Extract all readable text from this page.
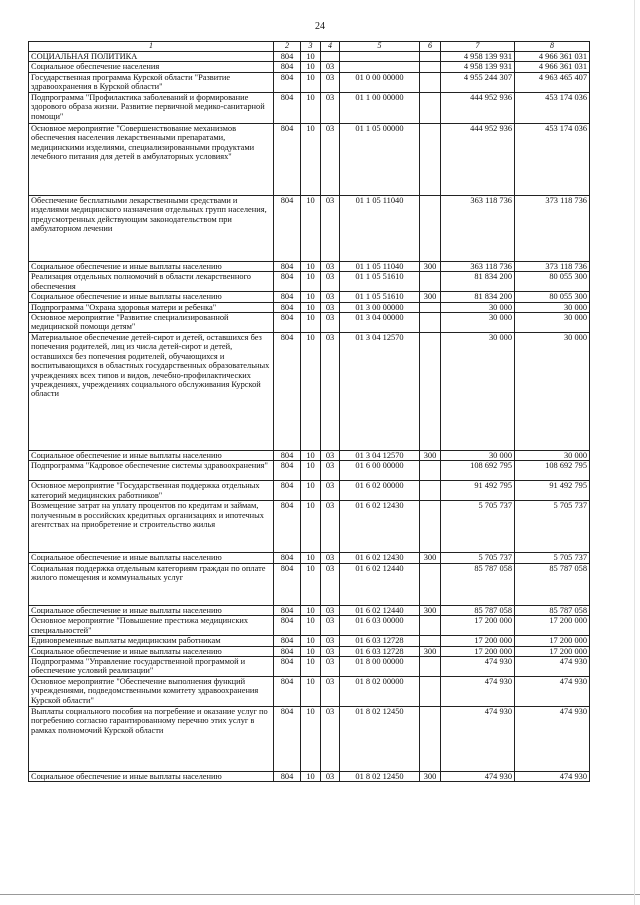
24
1	2	3	4	5	6	7	8
СОЦИАЛЬНАЯ ПОЛИТИКА	804	10				4 958 139 931	4 966 361 031
Социальное обеспечение населения	804	10	03			4 958 139 931	4 966 361 031
Государственная программа Курской области "Развитие здравоохранения в Курской области"	804	10	03	01 0 00 00000		4 955 244 307	4 963 465 407
Подпрограмма "Профилактика заболеваний и формирование здорового образа жизни. Развитие первичной медико-санитарной помощи"	804	10	03	01 1 00 00000		444 952 936	453 174 036
Основное мероприятие "Совершенствование механизмов обеспечения населения лекарственными препаратами, медицинскими изделиями, специализированными продуктами лечебного питания для детей в амбулаторных условиях"	804	10	03	01 1 05 00000		444 952 936	453 174 036
Обеспечение бесплатными лекарственными средствами и изделиями медицинского назначения отдельных групп населения, предусмотренных действующим законодательством при амбулаторном лечении	804	10	03	01 1 05 11040		363 118 736	373 118 736
Социальное обеспечение и иные выплаты населению	804	10	03	01 1 05 11040	300	363 118 736	373 118 736
Реализация отдельных полномочий в области лекарственного обеспечения	804	10	03	01 1 05 51610		81 834 200	80 055 300
Социальное обеспечение и иные выплаты населению	804	10	03	01 1 05 51610	300	81 834 200	80 055 300
Подпрограмма "Охрана здоровья матери и ребенка"	804	10	03	01 3 00 00000		30 000	30 000
Основное мероприятие "Развитие специализированной медицинской помощи детям"	804	10	03	01 3 04 00000		30 000	30 000
Материальное обеспечение детей-сирот и детей, оставшихся без попечения родителей, лиц из числа детей-сирот и детей, оставшихся без попечения родителей, обучающихся и воспитывающихся в областных государственных образовательных учреждениях всех типов и видов, лечебно-профилактических учреждениях, учреждениях социального обслуживания Курской области	804	10	03	01 3 04 12570		30 000	30 000
Социальное обеспечение и иные выплаты населению	804	10	03	01 3 04 12570	300	30 000	30 000
Подпрограмма "Кадровое обеспечение системы здравоохранения"	804	10	03	01 6 00 00000		108 692 795	108 692 795
Основное мероприятие "Государственная поддержка отдельных категорий медицинских работников"	804	10	03	01 6 02 00000		91 492 795	91 492 795
Возмещение затрат на уплату процентов по кредитам и займам, полученным в российских кредитных организациях и ипотечных агентствах на приобретение и строительство жилья	804	10	03	01 6 02 12430		5 705 737	5 705 737
Социальное обеспечение и иные выплаты населению	804	10	03	01 6 02 12430	300	5 705 737	5 705 737
Социальная поддержка отдельным категориям граждан по оплате жилого помещения и коммунальных услуг	804	10	03	01 6 02 12440		85 787 058	85 787 058
Социальное обеспечение и иные выплаты населению	804	10	03	01 6 02 12440	300	85 787 058	85 787 058
Основное мероприятие "Повышение престижа медицинских специальностей"	804	10	03	01 6 03 00000		17 200 000	17 200 000
Единовременные выплаты медицинским работникам	804	10	03	01 6 03 12728		17 200 000	17 200 000
Социальное обеспечение и иные выплаты населению	804	10	03	01 6 03 12728	300	17 200 000	17 200 000
Подпрограмма "Управление государственной программой и обеспечение условий реализации"	804	10	03	01 8 00 00000		474 930	474 930
Основное мероприятие "Обеспечение выполнения функций учреждениями, подведомственными комитету здравоохранения Курской области"	804	10	03	01 8 02 00000		474 930	474 930
Выплаты социального пособия на погребение и оказание услуг по погребению согласно гарантированному перечню этих услуг в рамках полномочий Курской области	804	10	03	01 8 02 12450		474 930	474 930
Социальное обеспечение и иные выплаты населению	804	10	03	01 8 02 12450	300	474 930	474 930
